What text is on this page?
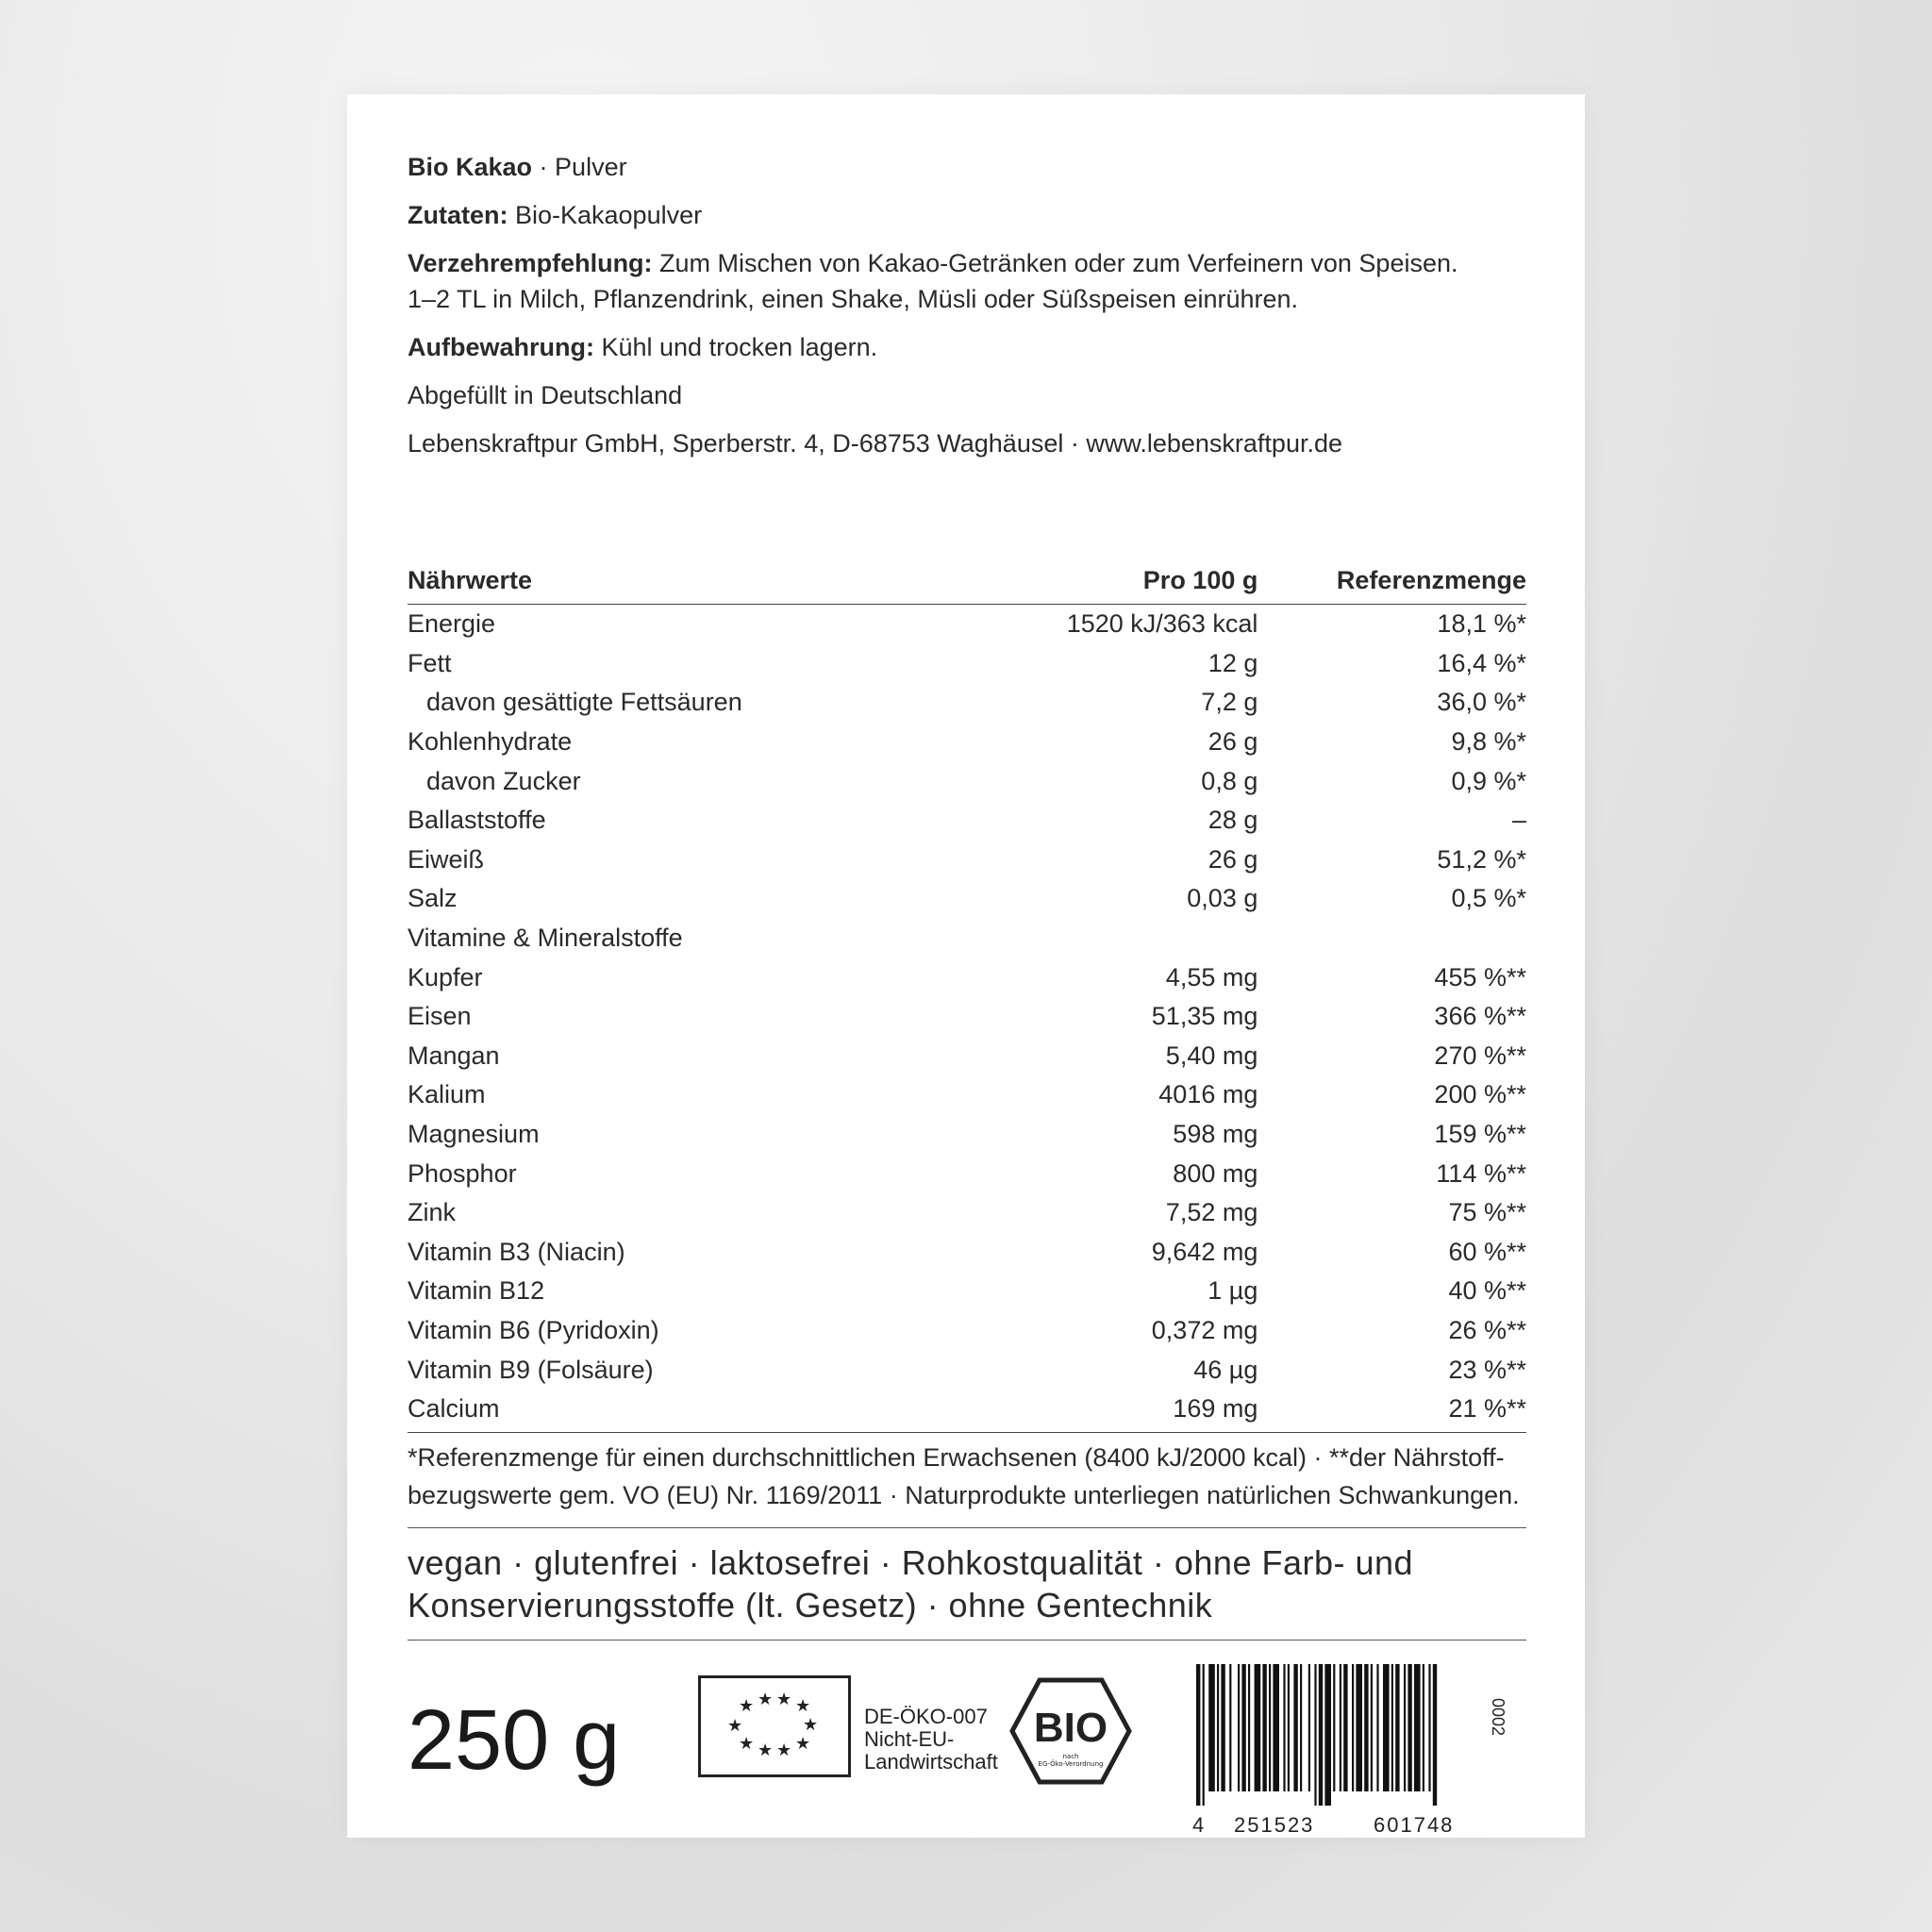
Bio Kakao · Pulver

Zutaten: Bio-Kakaopulver

Verzehrempfehlung: Zum Mischen von Kakao-Getränken oder zum Verfeinern von Speisen.
1–2 TL in Milch, Pflanzendrink, einen Shake, Müsli oder Süßspeisen einrühren.

Aufbewahrung: Kühl und trocken lagern.

Abgefüllt in Deutschland

Lebenskraftpur GmbH, Sperberstr. 4, D-68753 Waghäusel · www.lebenskraftpur.de

Nährwerte	Pro 100 g	Referenzmenge
Energie	1520 kJ/363 kcal	18,1 %*
Fett	12 g	16,4 %*
davon gesättigte Fettsäuren	7,2 g	36,0 %*
Kohlenhydrate	26 g	9,8 %*
davon Zucker	0,8 g	0,9 %*
Ballaststoffe	28 g	–
Eiweiß	26 g	51,2 %*
Salz	0,03 g	0,5 %*
Vitamine & Mineralstoffe		
Kupfer	4,55 mg	455 %**
Eisen	51,35 mg	366 %**
Mangan	5,40 mg	270 %**
Kalium	4016 mg	200 %**
Magnesium	598 mg	159 %**
Phosphor	800 mg	114 %**
Zink	7,52 mg	75 %**
Vitamin B3 (Niacin)	9,642 mg	60 %**
Vitamin B12	1 µg	40 %**
Vitamin B6 (Pyridoxin)	0,372 mg	26 %**
Vitamin B9 (Folsäure)	46 µg	23 %**
Calcium	169 mg	21 %**
*Referenzmenge für einen durchschnittlichen Erwachsenen (8400 kJ/2000 kcal) · **der Nährstoff-
bezugswerte gem. VO (EU) Nr. 1169/2011 · Naturprodukte unterliegen natürlichen Schwankungen.
vegan · glutenfrei · laktosefrei · Rohkostqualität · ohne Farb- und
Konservierungsstoffe (lt. Gesetz) · ohne Gentechnik
250 g	★ ★ ★ ★
★
★
★
★
★
★	DE-ÖKO-007
Nicht-EU-
Landwirtschaft
BIO
nach
EG-Öko-Verordnung
4 251523	601748
0002
